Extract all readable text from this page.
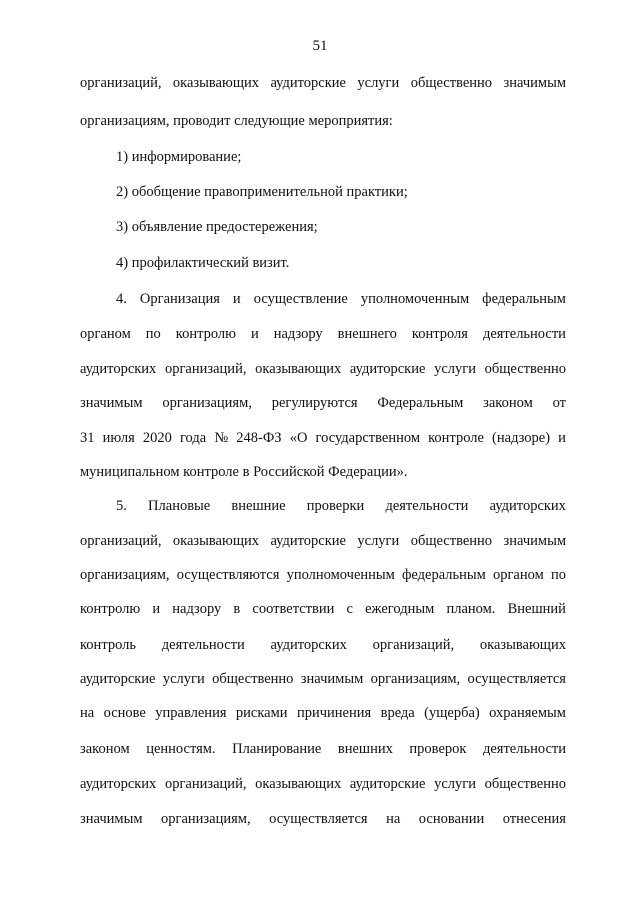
51
организаций, оказывающих аудиторские услуги общественно значимым
организациям, проводит следующие мероприятия:
1) информирование;
2) обобщение правоприменительной практики;
3) объявление предостережения;
4) профилактический визит.
4. Организация и осуществление уполномоченным федеральным
органом по контролю и надзору внешнего контроля деятельности
аудиторских организаций, оказывающих аудиторские услуги общественно
значимым организациям, регулируются Федеральным законом от
31 июля 2020 года № 248-ФЗ «О государственном контроле (надзоре) и
муниципальном контроле в Российской Федерации».
5. Плановые внешние проверки деятельности аудиторских
организаций, оказывающих аудиторские услуги общественно значимым
организациям, осуществляются уполномоченным федеральным органом по
контролю и надзору в соответствии с ежегодным планом. Внешний
контроль деятельности аудиторских организаций, оказывающих
аудиторские услуги общественно значимым организациям, осуществляется
на основе управления рисками причинения вреда (ущерба) охраняемым
законом ценностям. Планирование внешних проверок деятельности
аудиторских организаций, оказывающих аудиторские услуги общественно
значимым организациям, осуществляется на основании отнесения
